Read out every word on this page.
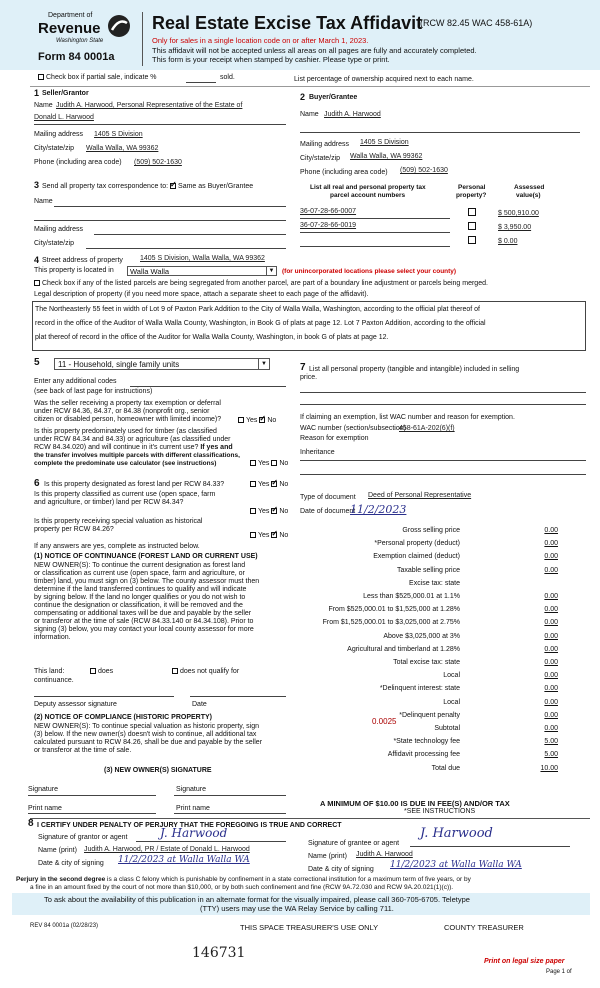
Department of
Revenue
Washington State
Form 84 0001a
Real Estate Excise Tax Affidavit
(RCW 82.45 WAC 458-61A)
Only for sales in a single location code on or after March 1, 2023.
This affidavit will not be accepted unless all areas on all pages are fully and accurately completed.
This form is your receipt when stamped by cashier. Please type or print.
Check box if partial sale, indicate %	sold.	List percentage of ownership acquired next to each name.
1 Seller/Grantor
Name Judith A. Harwood, Personal Representative of the Estate of
Donald L. Harwood
Mailing address 1405 S Division
City/state/zip Walla Walla, WA 99362
Phone (including area code) (509) 502-1630
2 Buyer/Grantee
Name Judith A. Harwood
Mailing address 1405 S Division
City/state/zip Walla Walla, WA 99362
Phone (including area code) (509) 502-1630
3 Send all property tax correspondence to: ✓ Same as Buyer/Grantee
Name
Mailing address
City/state/zip
List all real and personal property tax
parcel account numbers
Personal
property?
Assessed
value(s)
36-07-28-66-0007	$ 500,910.00
36-07-28-66-0019	$ 3,950.00
$ 0.00
4 Street address of property 1405 S Division, Walla Walla, WA 99362
This property is located in	Walla Walla	▼ (for unincorporated locations please select your county)
Check box if any of the listed parcels are being segregated from another parcel, are part of a boundary line adjustment or parcels being merged.
Legal description of property (if you need more space, attach a separate sheet to each page of the affidavit).
The Northeasterly 55 feet in width of Lot 9 of Paxton Park Addition to the City of Walla Walla, Washington, according to the official plat thereof of
record in the office of the Auditor of Walla Walla County, Washington, in Book G of plats at page 12. Lot 7 Paxton Addition, according to the official
plat thereof of record in the office of the Auditor for Walla Walla County, Washington, in book G of plats at page 12.
5	11 - Household, single family units	▼
Enter any additional codes
(see back of last page for instructions)
Was the seller receiving a property tax exemption or deferral
under RCW 84.36, 84.37, or 84.38 (nonprofit org., senior
citizen or disabled person, homeowner with limited income)?	Yes ✓ No
Is this property predominately used for timber (as classified
under RCW 84.34 and 84.33) or agriculture (as classified under
RCW 84.34.020) and will continue in it's current use? If yes and
the transfer involves multiple parcels with different classifications,
complete the predominate use calculator (see instructions)	Yes No
6 Is this property designated as forest land per RCW 84.33?	Yes ✓ No
Is this property classified as current use (open space, farm
and agriculture, or timber) land per RCW 84.34?
Yes ✓ No
Is this property receiving special valuation as historical
property per RCW 84.26?
Yes ✓ No
If any answers are yes, complete as instructed below.
(1) NOTICE OF CONTINUANCE (FOREST LAND OR CURRENT USE)
NEW OWNER(S): To continue the current designation as forest land
or classification as current use (open space, farm and agriculture, or
timber) land, you must sign on (3) below. The county assessor must then
determine if the land transferred continues to qualify and will indicate
by signing below. If the land no longer qualifies or you do not wish to
continue the designation or classification, it will be removed and the
compensating or additional taxes will be due and payable by the seller
or transferor at the time of sale (RCW 84.33.140 or 84.34.108). Prior to
signing (3) below, you may contact your local county assessor for more
information.
This land:
continuance.
does	does not qualify for
Deputy assessor signature	Date
(2) NOTICE OF COMPLIANCE (HISTORIC PROPERTY)
NEW OWNER(S): To continue special valuation as historic property, sign
(3) below. If the new owner(s) doesn't wish to continue, all additional tax
calculated pursuant to RCW 84.26, shall be due and payable by the seller
or transferor at the time of sale.
(3) NEW OWNER(S) SIGNATURE
Signature	Signature
Print name	Print name
7 List all personal property (tangible and intangible) included in selling
price.
If claiming an exemption, list WAC number and reason for exemption.
WAC number (section/subsection)
458-61A-202(6)(f)
Reason for exemption
Inheritance
Type of document Deed of Personal Representative
Date of document
11/2/2023
Gross selling price	0.00
*Personal property (deduct)	0.00
Exemption claimed (deduct)	0.00
Taxable selling price	0.00
Excise tax: state
Less than $525,000.01 at 1.1%	0.00
From $525,000.01 to $1,525,000 at 1.28%	0.00
From $1,525,000.01 to $3,025,000 at 2.75%	0.00
Above $3,025,000 at 3%	0.00
Agricultural and timberland at 1.28%	0.00
Total excise tax: state	0.00
Local	0.00
*Delinquent interest: state	0.00
Local	0.00
*Delinquent penalty	0.00
Subtotal	0.00
*State technology fee	5.00
Affidavit processing fee	5.00
Total due	10.00
0.0025
A MINIMUM OF $10.00 IS DUE IN FEE(S) AND/OR TAX
*SEE INSTRUCTIONS
8 I CERTIFY UNDER PENALTY OF PERJURY THAT THE FOREGOING IS TRUE AND CORRECT
Signature of grantor or agent	J. Harwood
Name (print) Judith A. Harwood, PR / Estate of Donald L. Harwood
Date & city of signing 11/2/2023 at Walla Walla WA
Signature of grantee or agent
J. Harwood
Name (print) Judith A. Harwood
Date & city of signing 11/2/2023 at Walla Walla WA
Perjury in the second degree is a class C felony which is punishable by confinement in a state correctional institution for a maximum term of five years, or by
a fine in an amount fixed by the court of not more than $10,000, or by both such confinement and fine (RCW 9A.72.030 and RCW 9A.20.021(1)(c)).
To ask about the availability of this publication in an alternate format for the visually impaired, please call 360-705-6705. Teletype
(TTY) users may use the WA Relay Service by calling 711.
REV 84 0001a (02/28/23)	THIS SPACE TREASURER'S USE ONLY	COUNTY TREASURER
146731
Print on legal size paper
Page 1 of
